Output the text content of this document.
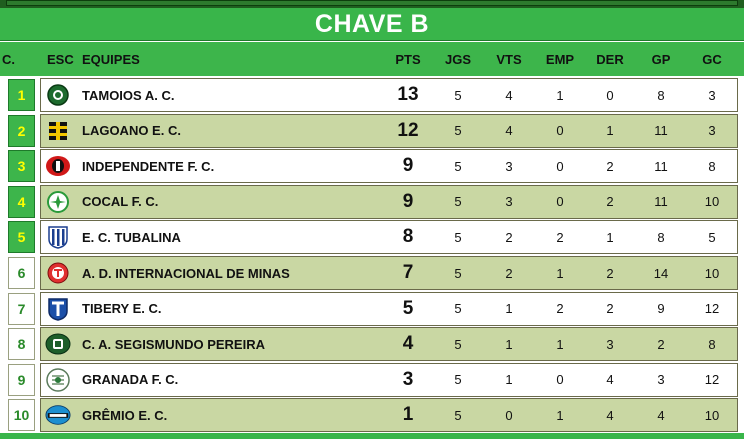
CHAVE B
C. ESC EQUIPES	PTS	JGS	VTS	EMP	DER	GP	GC
1	TAMOIOS A. C.	13	5	4	1	0	8	3
2	LAGOANO E. C.	12	5	4	0	1	11	3
3	INDEPENDENTE F. C.	9	5	3	0	2	11	8
4	COCAL F. C.	9	5	3	0	2	11	10
5	E. C. TUBALINA	8	5	2	2	1	8	5
6	A. D. INTERNACIONAL DE MINAS	7	5	2	1	2	14	10
7	TIBERY E. C.	5	5	1	2	2	9	12
8	C. A. SEGISMUNDO PEREIRA	4	5	1	1	3	2	8
9	GRANADA F. C.	3	5	1	0	4	3	12
10	GRÊMIO E. C.	1	5	0	1	4	4	10
